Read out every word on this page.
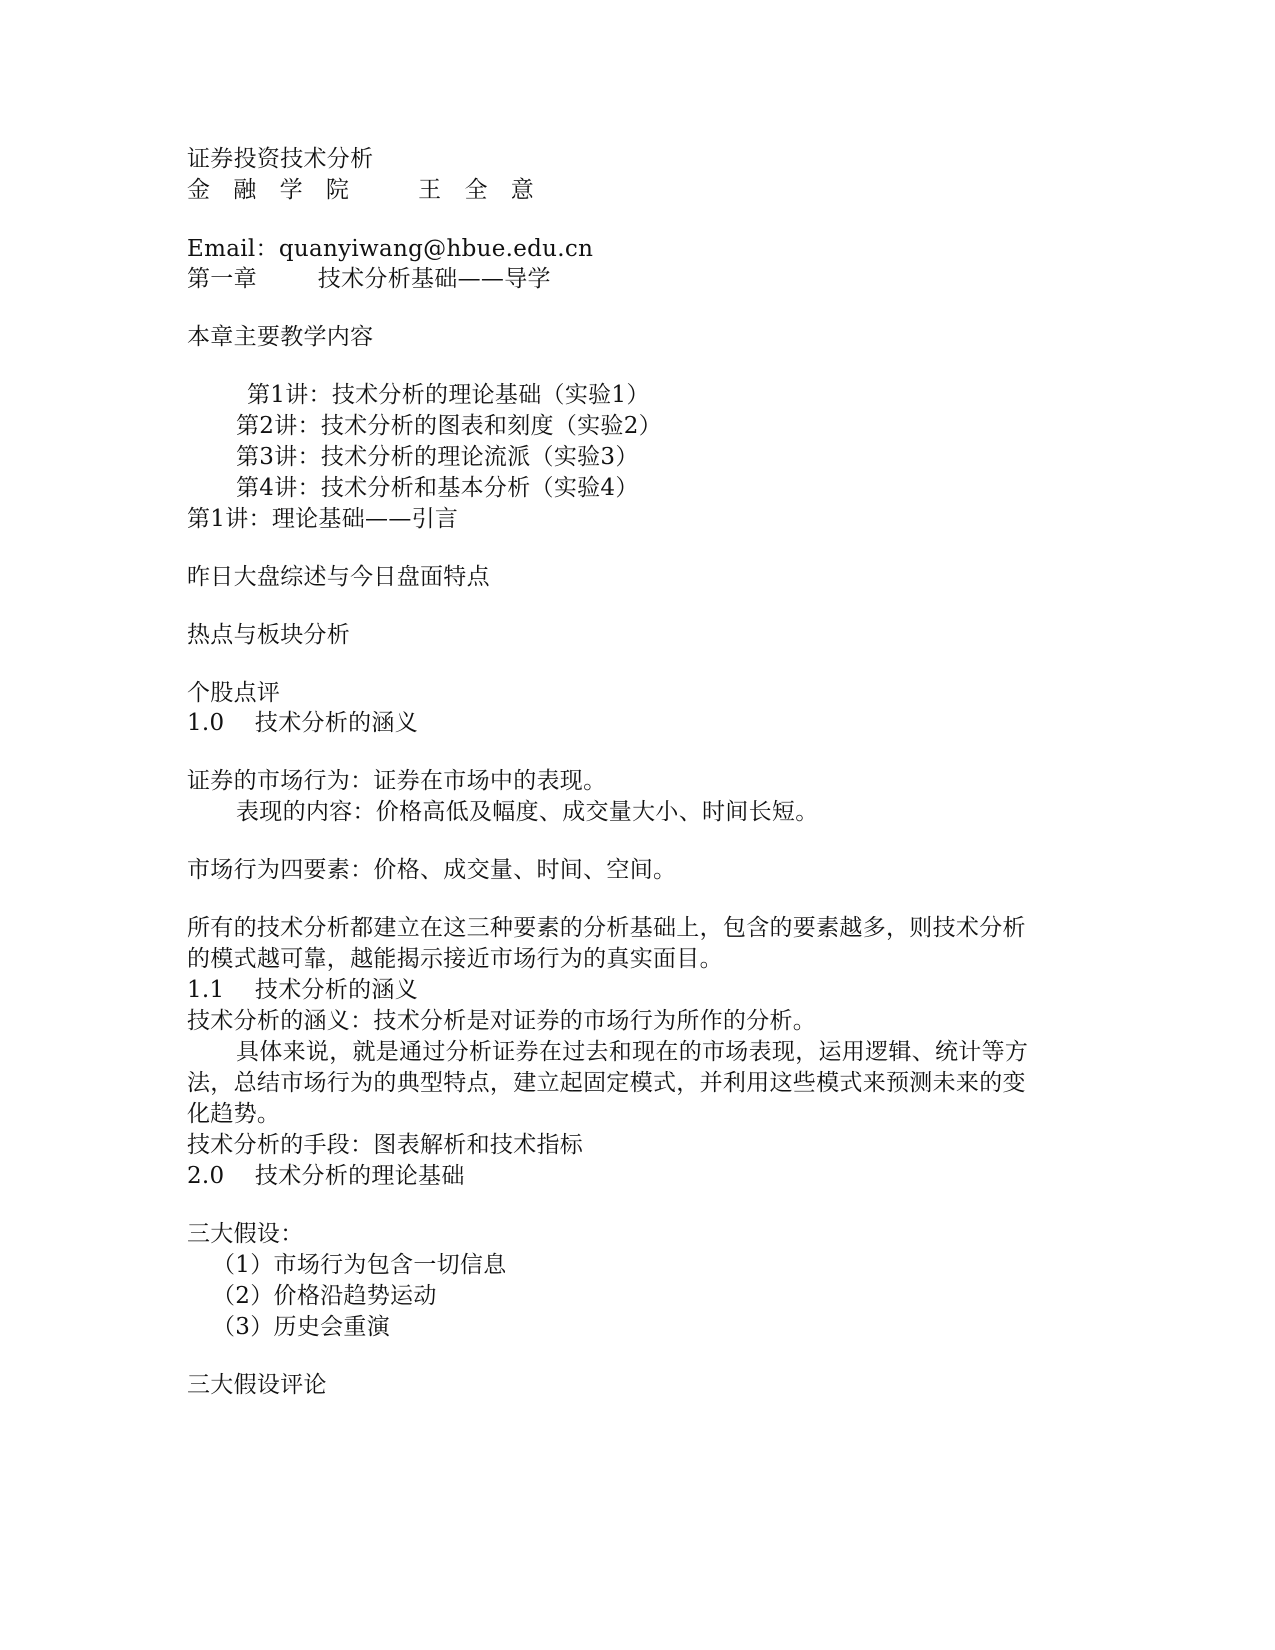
证券投资技术分析

金 融 学 院    王 全 意

Email：quanyiwang@hbue.edu.cn

第一章        技术分析基础——导学

本章主要教学内容

第1讲：技术分析的理论基础（实验1）

第2讲：技术分析的图表和刻度（实验2）

第3讲：技术分析的理论流派（实验3）

第4讲：技术分析和基本分析（实验4）

第1讲：理论基础——引言

昨日大盘综述与今日盘面特点

热点与板块分析

个股点评

1.0    技术分析的涵义

证券的市场行为：证券在市场中的表现。

表现的内容：价格高低及幅度、成交量大小、时间长短。

市场行为四要素：价格、成交量、时间、空间。

所有的技术分析都建立在这三种要素的分析基础上，包含的要素越多，则技术分析

的模式越可靠，越能揭示接近市场行为的真实面目。

1.1    技术分析的涵义

技术分析的涵义：技术分析是对证券的市场行为所作的分析。

具体来说，就是通过分析证券在过去和现在的市场表现，运用逻辑、统计等方

法，总结市场行为的典型特点，建立起固定模式，并利用这些模式来预测未来的变

化趋势。

技术分析的手段：图表解析和技术指标

2.0    技术分析的理论基础

三大假设：

（1）市场行为包含一切信息

（2）价格沿趋势运动

（3）历史会重演

三大假设评论
